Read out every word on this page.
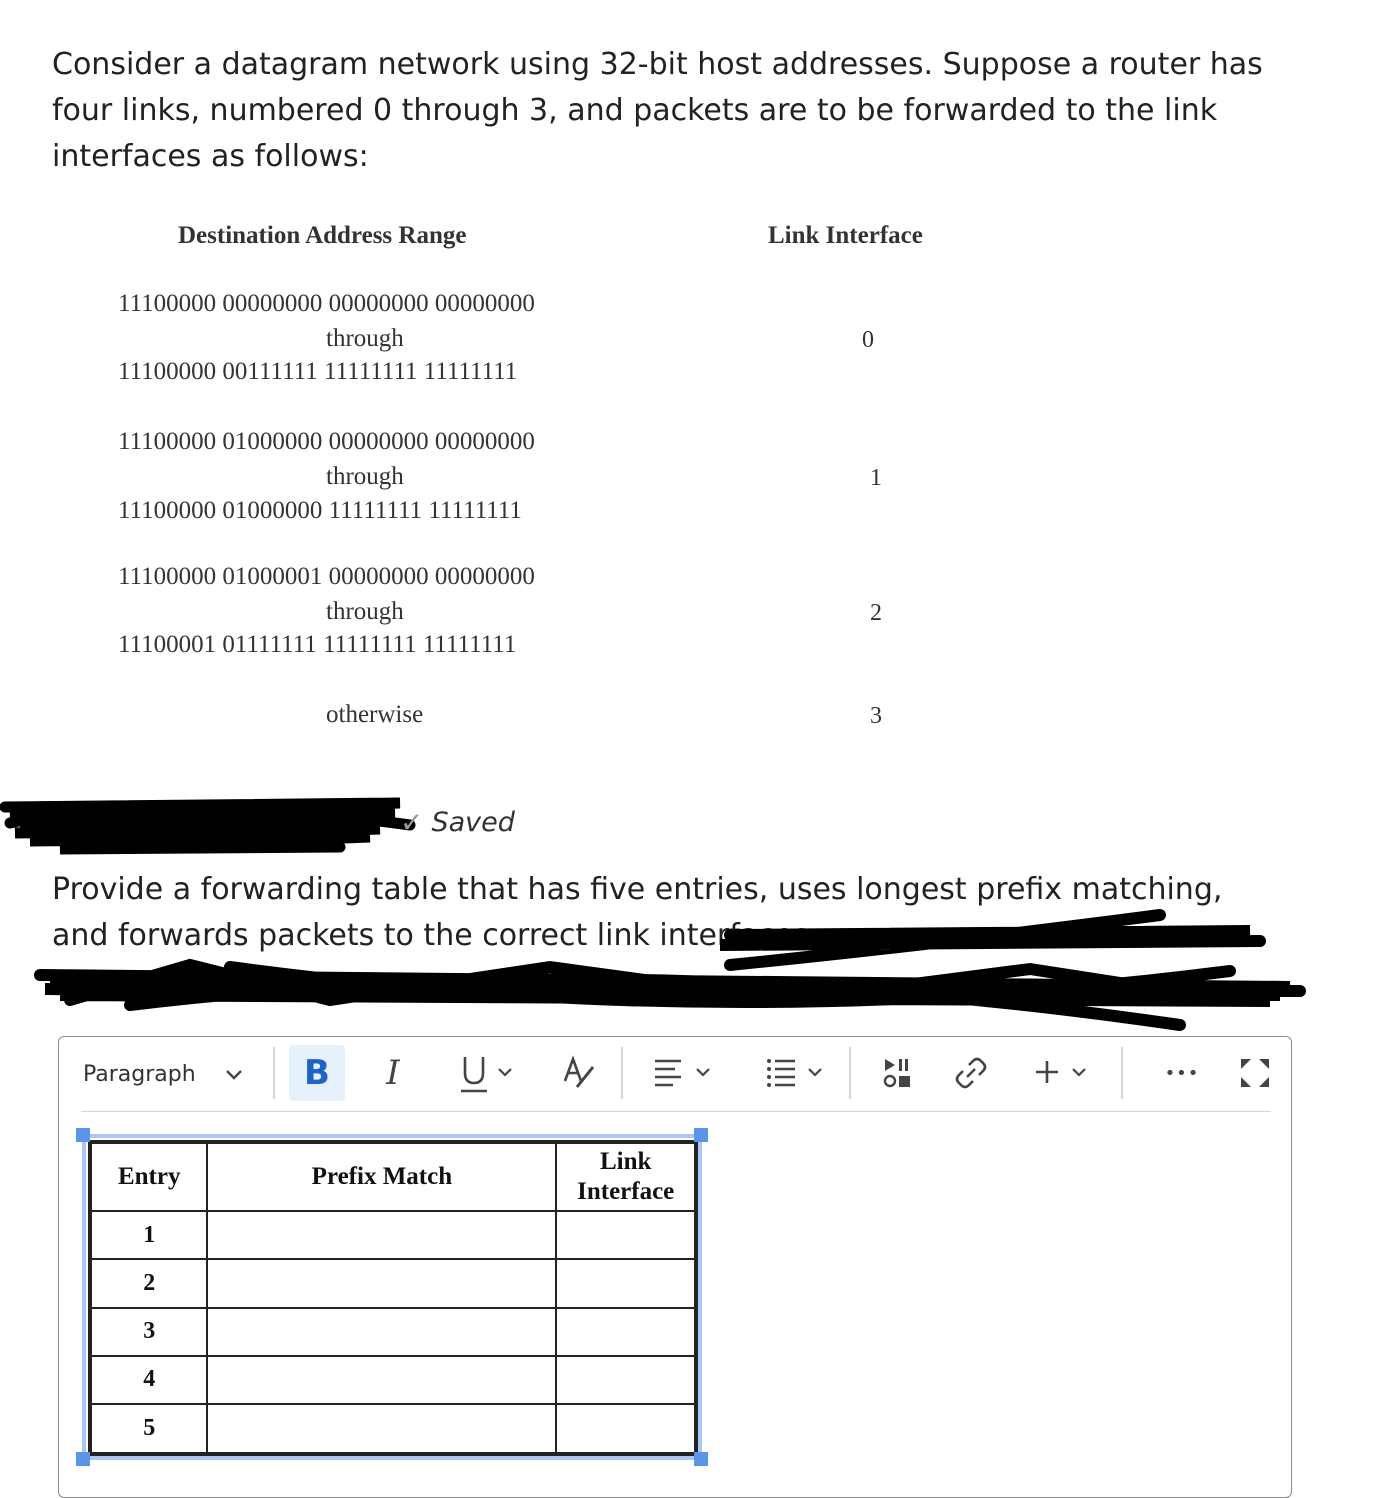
Consider a datagram network using 32-bit host addresses. Suppose a router has four links, numbered 0 through 3, and packets are to be forwarded to the link interfaces as follows:

Destination Address Range	Link Interface
11100000 00000000 00000000 00000000
through
11100000 00111111 11111111 11111111
0
11100000 01000000 00000000 00000000
through
11100000 01000000 11111111 11111111
1
11100000 01000001 00000000 00000000
through
11100001 01111111 11111111 11111111
2
otherwise	3
✓ Saved

Provide a forwarding table that has five entries, uses longest prefix matching, and forwards packets to the correct link interfaces.

Paragraph	B I	•••
Entry	Prefix Match	Link Interface
1		
2		
3		
4		
5		
